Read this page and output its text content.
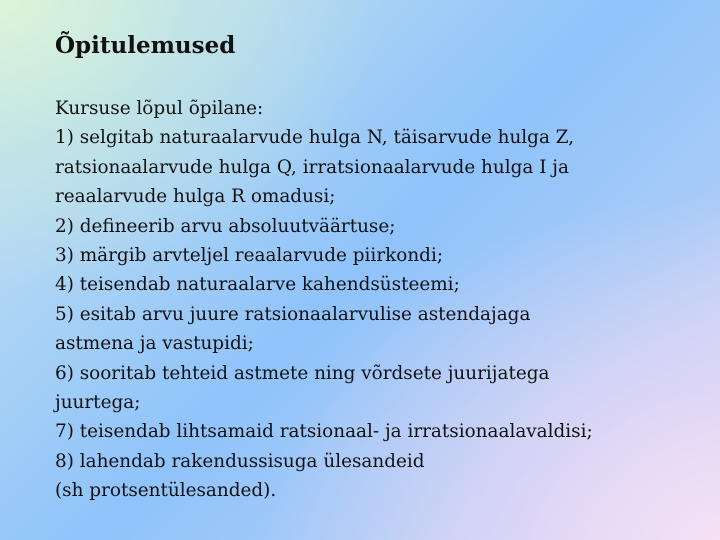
Õpitulemused
Kursuse lõpul õpilane:
1) selgitab naturaalarvude hulga N, täisarvude hulga Z,
ratsionaalarvude hulga Q, irratsionaalarvude hulga I ja
reaalarvude hulga R omadusi;
2) defineerib arvu absoluutväärtuse;
3) märgib arvteljel reaalarvude piirkondi;
4) teisendab naturaalarve kahendsüsteemi;
5) esitab arvu juure ratsionaalarvulise astendajaga
astmena ja vastupidi;
6) sooritab tehteid astmete ning võrdsete juurijatega
juurtega;
7) teisendab lihtsamaid ratsionaal- ja irratsionaalavaldisi;
8) lahendab rakendussisuga ülesandeid
(sh protsentülesanded).
